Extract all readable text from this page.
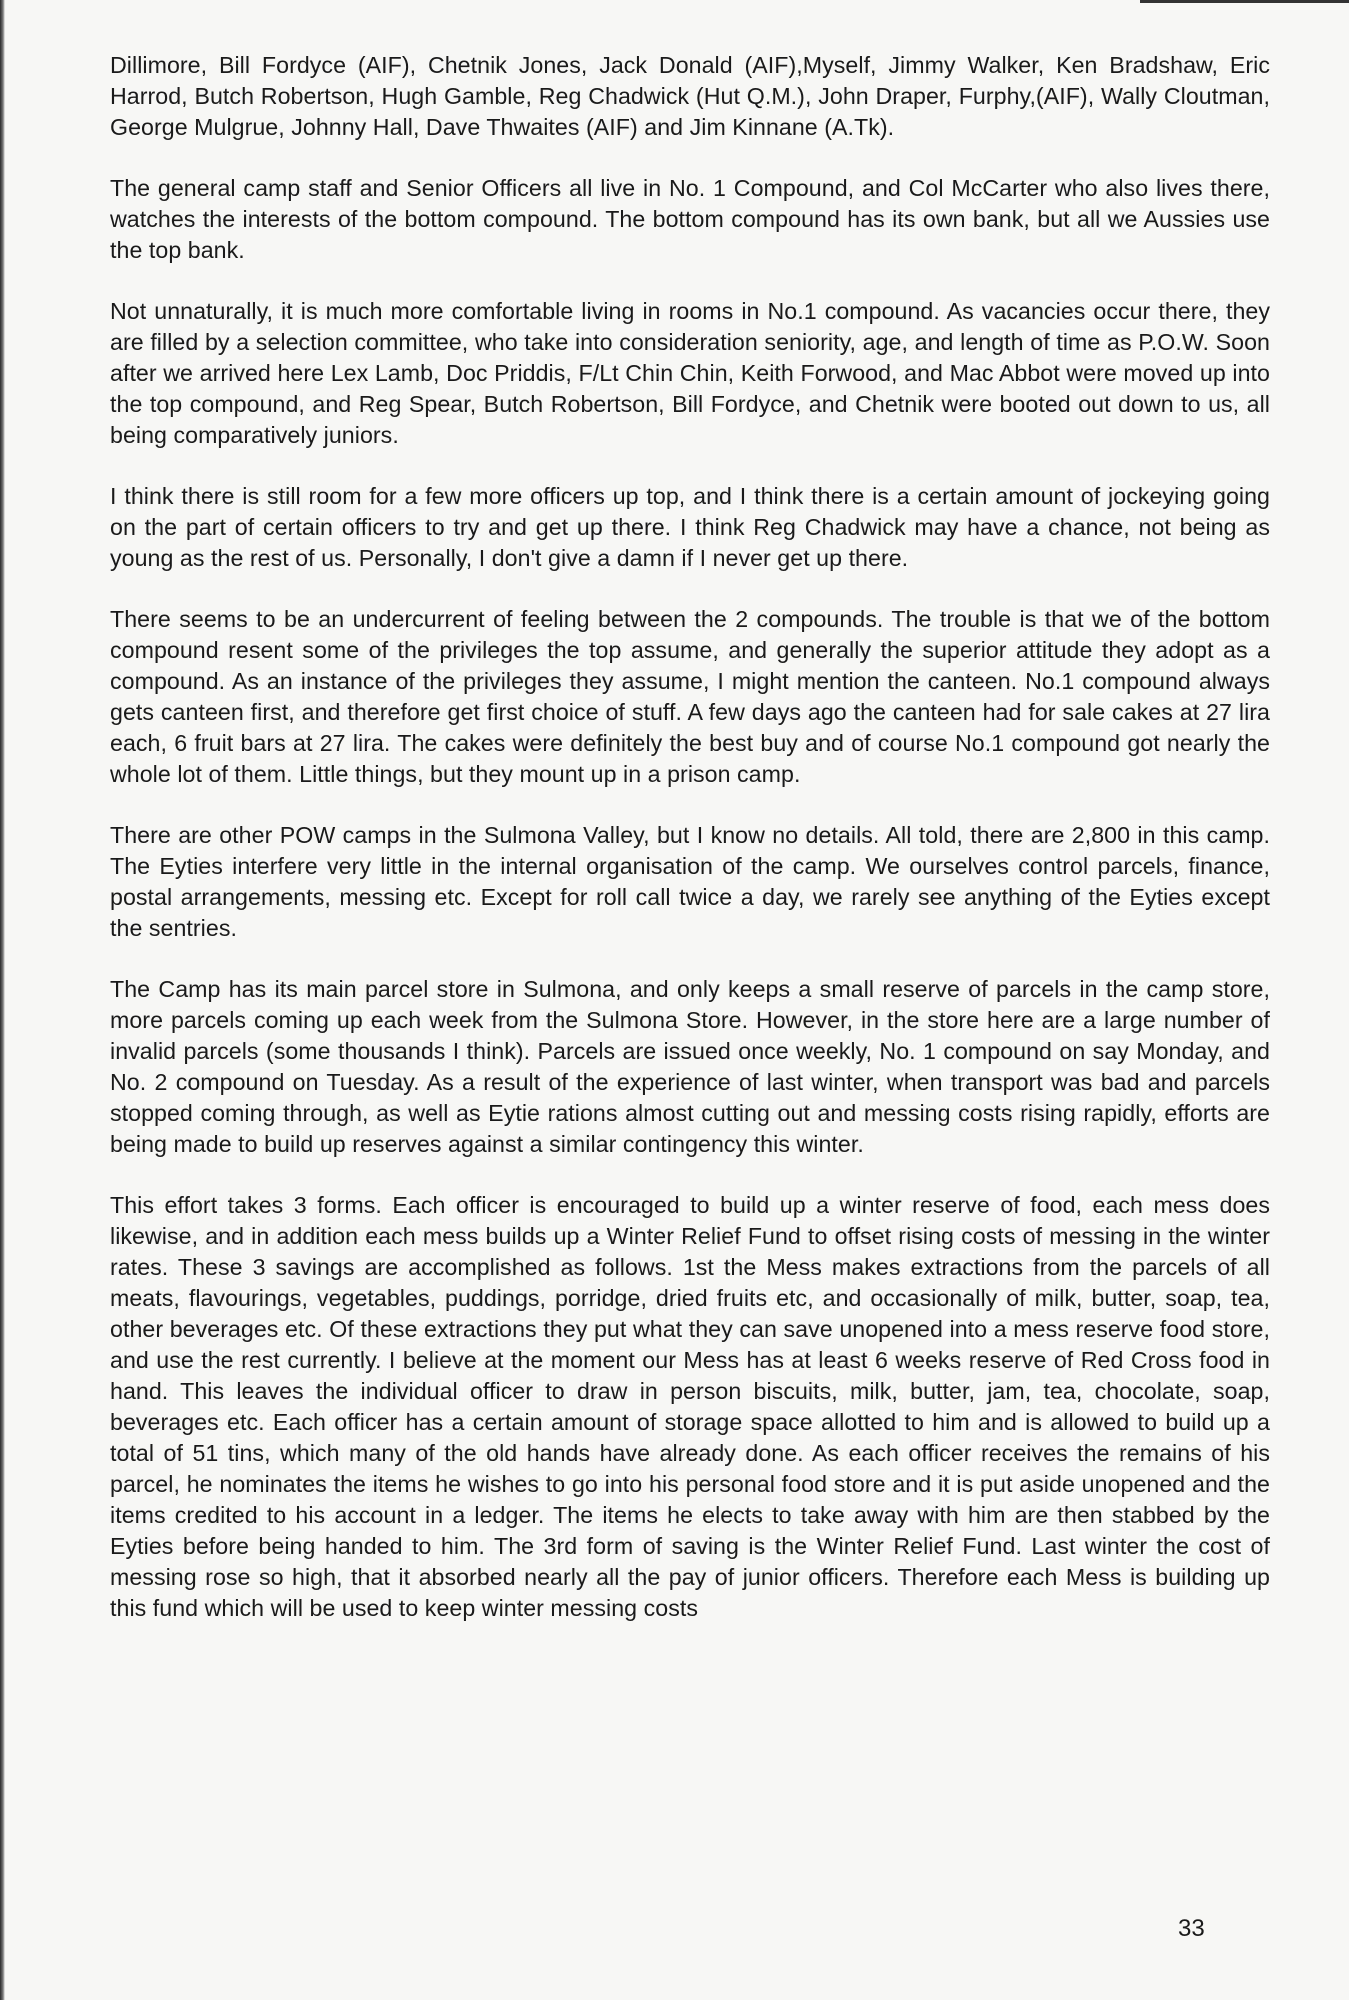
Dillimore, Bill Fordyce (AIF), Chetnik Jones, Jack Donald (AIF),Myself, Jimmy Walker, Ken Bradshaw, Eric Harrod, Butch Robertson, Hugh Gamble, Reg Chadwick (Hut Q.M.), John Draper, Furphy,(AIF), Wally Cloutman, George Mulgrue, Johnny Hall, Dave Thwaites (AIF) and Jim Kinnane (A.Tk).

The general camp staff and Senior Officers all live in No. 1 Compound, and Col McCarter who also lives there, watches the interests of the bottom compound. The bottom compound has its own bank, but all we Aussies use the top bank.

Not unnaturally, it is much more comfortable living in rooms in No.1 compound. As vacancies occur there, they are filled by a selection committee, who take into consideration seniority, age, and length of time as P.O.W. Soon after we arrived here Lex Lamb, Doc Priddis, F/Lt Chin Chin, Keith Forwood, and Mac Abbot were moved up into the top compound, and Reg Spear, Butch Robertson, Bill Fordyce, and Chetnik were booted out down to us, all being comparatively juniors.

I think there is still room for a few more officers up top, and I think there is a certain amount of jockeying going on the part of certain officers to try and get up there. I think Reg Chadwick may have a chance, not being as young as the rest of us. Personally, I don't give a damn if I never get up there.

There seems to be an undercurrent of feeling between the 2 compounds. The trouble is that we of the bottom compound resent some of the privileges the top assume, and generally the superior attitude they adopt as a compound. As an instance of the privileges they assume, I might mention the canteen. No.1 compound always gets canteen first, and therefore get first choice of stuff. A few days ago the canteen had for sale cakes at 27 lira each, 6 fruit bars at 27 lira. The cakes were definitely the best buy and of course No.1 compound got nearly the whole lot of them. Little things, but they mount up in a prison camp.

There are other POW camps in the Sulmona Valley, but I know no details. All told, there are 2,800 in this camp. The Eyties interfere very little in the internal organisation of the camp. We ourselves control parcels, finance, postal arrangements, messing etc. Except for roll call twice a day, we rarely see anything of the Eyties except the sentries.

The Camp has its main parcel store in Sulmona, and only keeps a small reserve of parcels in the camp store, more parcels coming up each week from the Sulmona Store. However, in the store here are a large number of invalid parcels (some thousands I think). Parcels are issued once weekly, No. 1 compound on say Monday, and No. 2 compound on Tuesday. As a result of the experience of last winter, when transport was bad and parcels stopped coming through, as well as Eytie rations almost cutting out and messing costs rising rapidly, efforts are being made to build up reserves against a similar contingency this winter.

This effort takes 3 forms. Each officer is encouraged to build up a winter reserve of food, each mess does likewise, and in addition each mess builds up a Winter Relief Fund to offset rising costs of messing in the winter rates. These 3 savings are accomplished as follows. 1st the Mess makes extractions from the parcels of all meats, flavourings, vegetables, puddings, porridge, dried fruits etc, and occasionally of milk, butter, soap, tea, other beverages etc. Of these extractions they put what they can save unopened into a mess reserve food store, and use the rest currently. I believe at the moment our Mess has at least 6 weeks reserve of Red Cross food in hand. This leaves the individual officer to draw in person biscuits, milk, butter, jam, tea, chocolate, soap, beverages etc. Each officer has a certain amount of storage space allotted to him and is allowed to build up a total of 51 tins, which many of the old hands have already done. As each officer receives the remains of his parcel, he nominates the items he wishes to go into his personal food store and it is put aside unopened and the items credited to his account in a ledger. The items he elects to take away with him are then stabbed by the Eyties before being handed to him. The 3rd form of saving is the Winter Relief Fund. Last winter the cost of messing rose so high, that it absorbed nearly all the pay of junior officers. Therefore each Mess is building up this fund which will be used to keep winter messing costs

33
